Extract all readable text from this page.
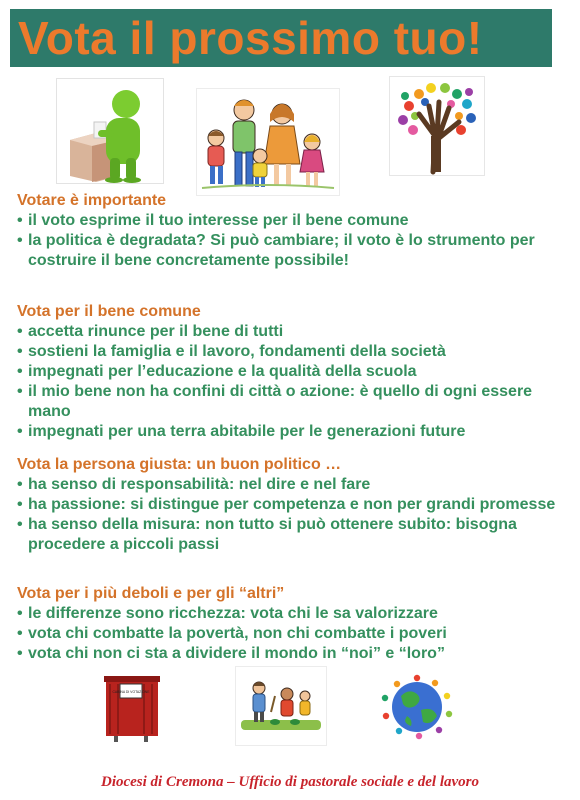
Vota il prossimo tuo!
Votare è importante
• il voto esprime il tuo interesse per il bene comune
• la politica è degradata? Si può cambiare; il voto è lo strumento per costruire il bene concretamente possibile!
Vota per il bene comune
• accetta rinunce per il bene di tutti
• sostieni la famiglia e il lavoro, fondamenti della società
• impegnati per l’educazione e la qualità della scuola
• il mio bene non ha confini di città o azione: è quello di ogni essere mano
• impegnati per una terra abitabile per le generazioni future
Vota la persona giusta: un buon politico …
• ha senso di responsabilità: nel dire e nel fare
• ha passione: si distingue per competenza e non per grandi promesse
• ha senso della misura: non tutto si può ottenere subito: bisogna procedere a piccoli passi
Vota per i più deboli e per gli “altri”
• le differenze sono ricchezza: vota chi le sa valorizzare
• vota chi combatte la povertà, non chi combatte i poveri
• vota chi non ci sta a dividere il mondo in “noi” e “loro”
CABINA DI VOTAZIONE
Diocesi di Cremona – Ufficio di pastorale sociale e del lavoro
